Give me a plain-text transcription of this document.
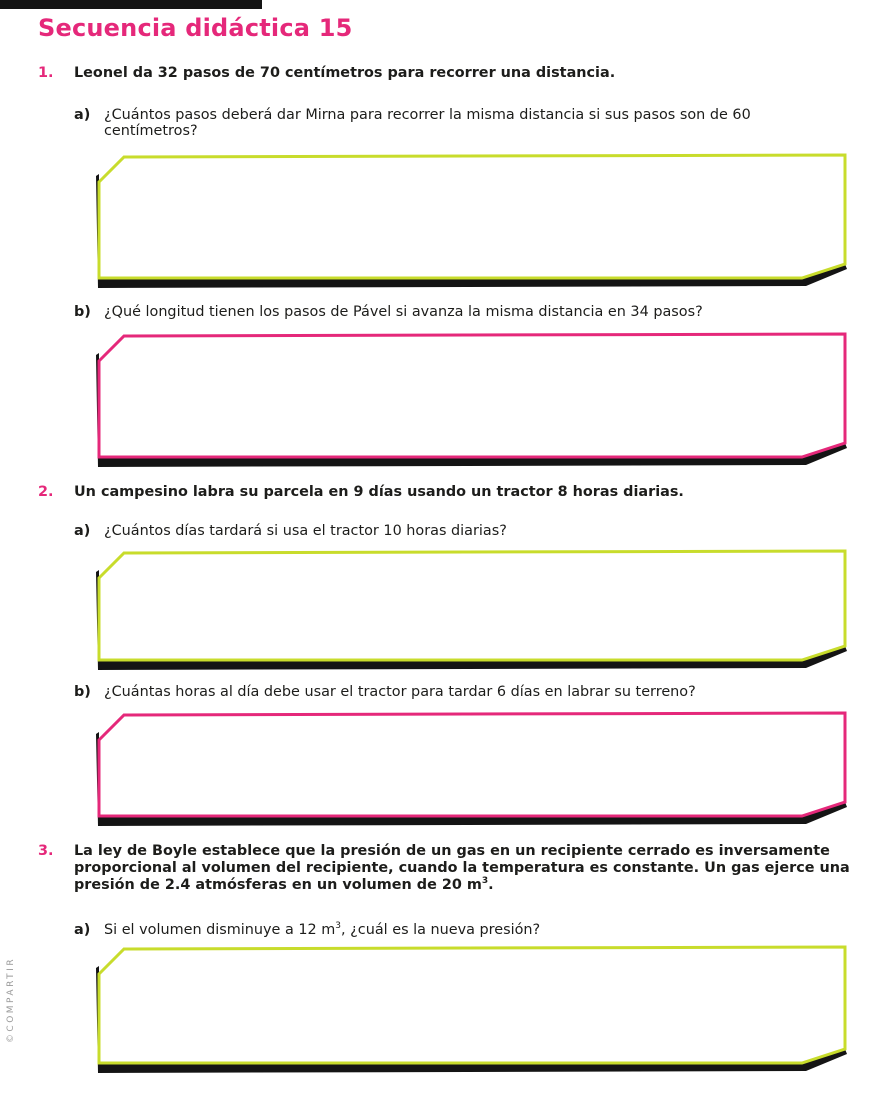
Secuencia didáctica 15
1. Leonel da 32 pasos de 70 centímetros para recorrer una distancia.
a) ¿Cuántos pasos deberá dar Mirna para recorrer la misma distancia si sus pasos son de 60 centímetros?
b) ¿Qué longitud tienen los pasos de Pável si avanza la misma distancia en 34 pasos?
2. Un campesino labra su parcela en 9 días usando un tractor 8 horas diarias.
a) ¿Cuántos días tardará si usa el tractor 10 horas diarias?
b) ¿Cuántas horas al día debe usar el tractor para tardar 6 días en labrar su terreno?
3. La ley de Boyle establece que la presión de un gas en un recipiente cerrado es inversamente
proporcional al volumen del recipiente, cuando la temperatura es constante. Un gas ejerce una
presión de 2.4 atmósferas en un volumen de 20 $m^3$.
a) Si el volumen disminuye a 12 $m^3$, ¿cuál es la nueva presión?
©COMPARTIR
